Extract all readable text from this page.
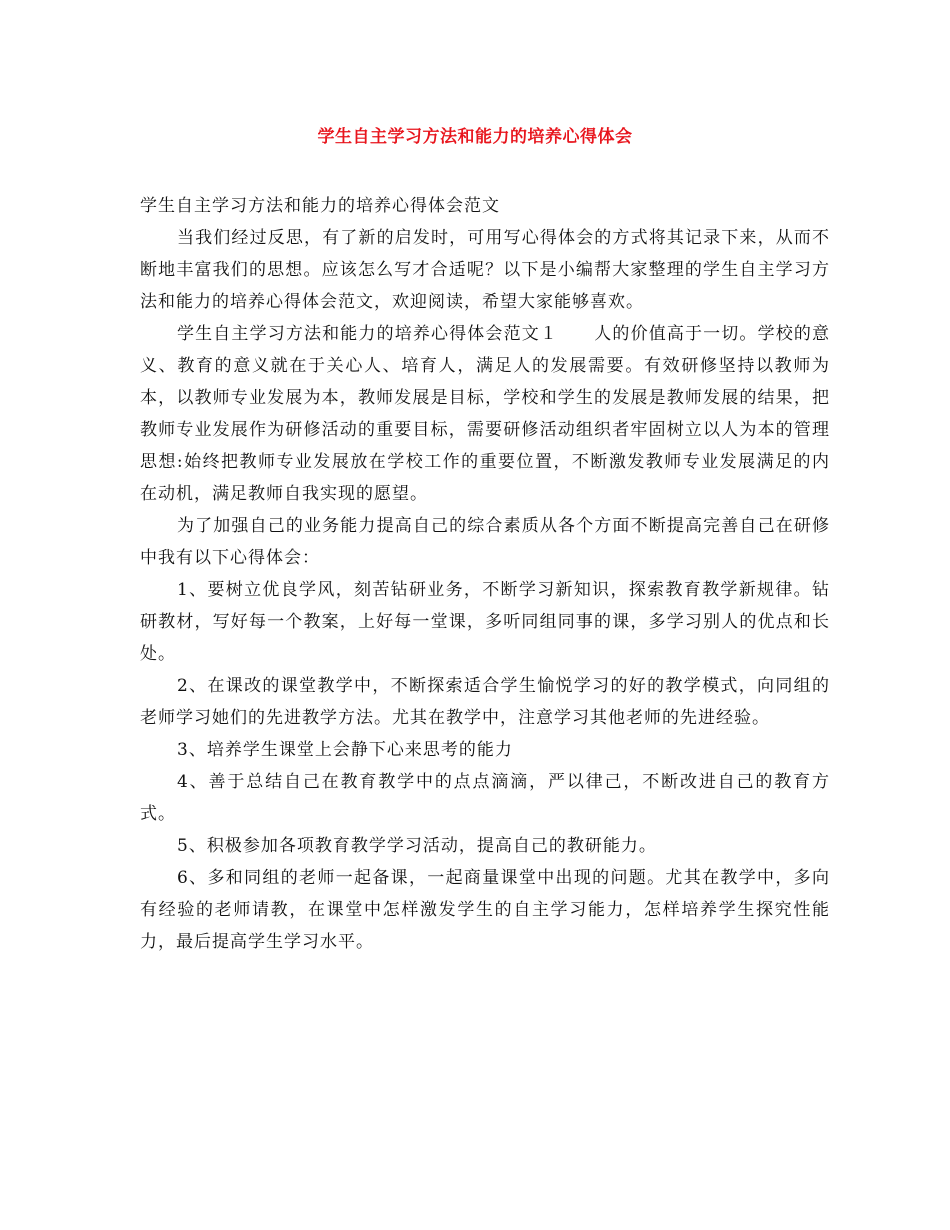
学生自主学习方法和能力的培养心得体会

学生自主学习方法和能力的培养心得体会范文

当我们经过反思，有了新的启发时，可用写心得体会的方式将其记录下来，从而不断地丰富我们的思想。应该怎么写才合适呢？以下是小编帮大家整理的学生自主学习方法和能力的培养心得体会范文，欢迎阅读，希望大家能够喜欢。

学生自主学习方法和能力的培养心得体会范文１　　人的价值高于一切。学校的意义、教育的意义就在于关心人、培育人，满足人的发展需要。有效研修坚持以教师为本，以教师专业发展为本，教师发展是目标，学校和学生的发展是教师发展的结果，把教师专业发展作为研修活动的重要目标，需要研修活动组织者牢固树立以人为本的管理思想:始终把教师专业发展放在学校工作的重要位置，不断激发教师专业发展满足的内在动机，满足教师自我实现的愿望。

为了加强自己的业务能力提高自己的综合素质从各个方面不断提高完善自己在研修中我有以下心得体会：

1、要树立优良学风，刻苦钻研业务，不断学习新知识，探索教育教学新规律。钻研教材，写好每一个教案，上好每一堂课，多听同组同事的课，多学习别人的优点和长处。

2、在课改的课堂教学中，不断探索适合学生愉悦学习的好的教学模式，向同组的老师学习她们的先进教学方法。尤其在教学中，注意学习其他老师的先进经验。

3、培养学生课堂上会静下心来思考的能力

4、善于总结自己在教育教学中的点点滴滴，严以律己，不断改进自己的教育方式。

5、积极参加各项教育教学学习活动，提高自己的教研能力。

6、多和同组的老师一起备课，一起商量课堂中出现的问题。尤其在教学中，多向有经验的老师请教，在课堂中怎样激发学生的自主学习能力，怎样培养学生探究性能力，最后提高学生学习水平。
